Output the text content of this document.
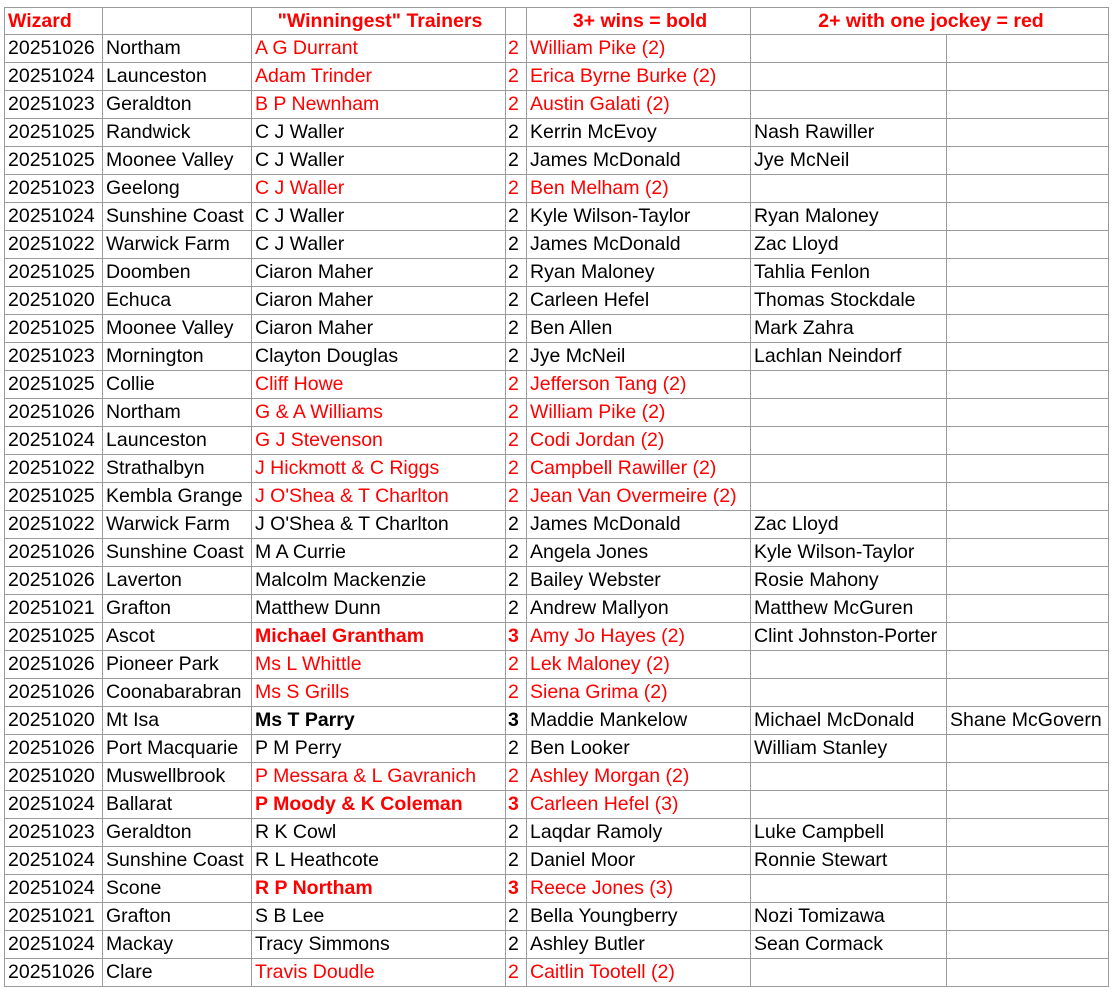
Wizard		"Winningest" Trainers		3+ wins = bold	2+ with one jockey = red	
20251026	Northam	A G Durrant	2	William Pike (2)		
20251024	Launceston	Adam Trinder	2	Erica Byrne Burke (2)		
20251023	Geraldton	B P Newnham	2	Austin Galati (2)		
20251025	Randwick	C J Waller	2	Kerrin McEvoy	Nash Rawiller	
20251025	Moonee Valley	C J Waller	2	James McDonald	Jye McNeil	
20251023	Geelong	C J Waller	2	Ben Melham (2)		
20251024	Sunshine Coast	C J Waller	2	Kyle Wilson-Taylor	Ryan Maloney	
20251022	Warwick Farm	C J Waller	2	James McDonald	Zac Lloyd	
20251025	Doomben	Ciaron Maher	2	Ryan Maloney	Tahlia Fenlon	
20251020	Echuca	Ciaron Maher	2	Carleen Hefel	Thomas Stockdale	
20251025	Moonee Valley	Ciaron Maher	2	Ben Allen	Mark Zahra	
20251023	Mornington	Clayton Douglas	2	Jye McNeil	Lachlan Neindorf	
20251025	Collie	Cliff Howe	2	Jefferson Tang (2)		
20251026	Northam	G & A Williams	2	William Pike (2)		
20251024	Launceston	G J Stevenson	2	Codi Jordan (2)		
20251022	Strathalbyn	J Hickmott & C Riggs	2	Campbell Rawiller (2)		
20251025	Kembla Grange	J O'Shea & T Charlton	2	Jean Van Overmeire (2)		
20251022	Warwick Farm	J O'Shea & T Charlton	2	James McDonald	Zac Lloyd	
20251026	Sunshine Coast	M A Currie	2	Angela Jones	Kyle Wilson-Taylor	
20251026	Laverton	Malcolm Mackenzie	2	Bailey Webster	Rosie Mahony	
20251021	Grafton	Matthew Dunn	2	Andrew Mallyon	Matthew McGuren	
20251025	Ascot	Michael Grantham	3	Amy Jo Hayes (2)	Clint Johnston-Porter	
20251026	Pioneer Park	Ms L Whittle	2	Lek Maloney (2)		
20251026	Coonabarabran	Ms S Grills	2	Siena Grima (2)		
20251020	Mt Isa	Ms T Parry	3	Maddie Mankelow	Michael McDonald	Shane McGovern
20251026	Port Macquarie	P M Perry	2	Ben Looker	William Stanley	
20251020	Muswellbrook	P Messara & L Gavranich	2	Ashley Morgan (2)		
20251024	Ballarat	P Moody & K Coleman	3	Carleen Hefel (3)		
20251023	Geraldton	R K Cowl	2	Laqdar Ramoly	Luke Campbell	
20251024	Sunshine Coast	R L Heathcote	2	Daniel Moor	Ronnie Stewart	
20251024	Scone	R P Northam	3	Reece Jones (3)		
20251021	Grafton	S B Lee	2	Bella Youngberry	Nozi Tomizawa	
20251024	Mackay	Tracy Simmons	2	Ashley Butler	Sean Cormack	
20251026	Clare	Travis Doudle	2	Caitlin Tootell (2)		
